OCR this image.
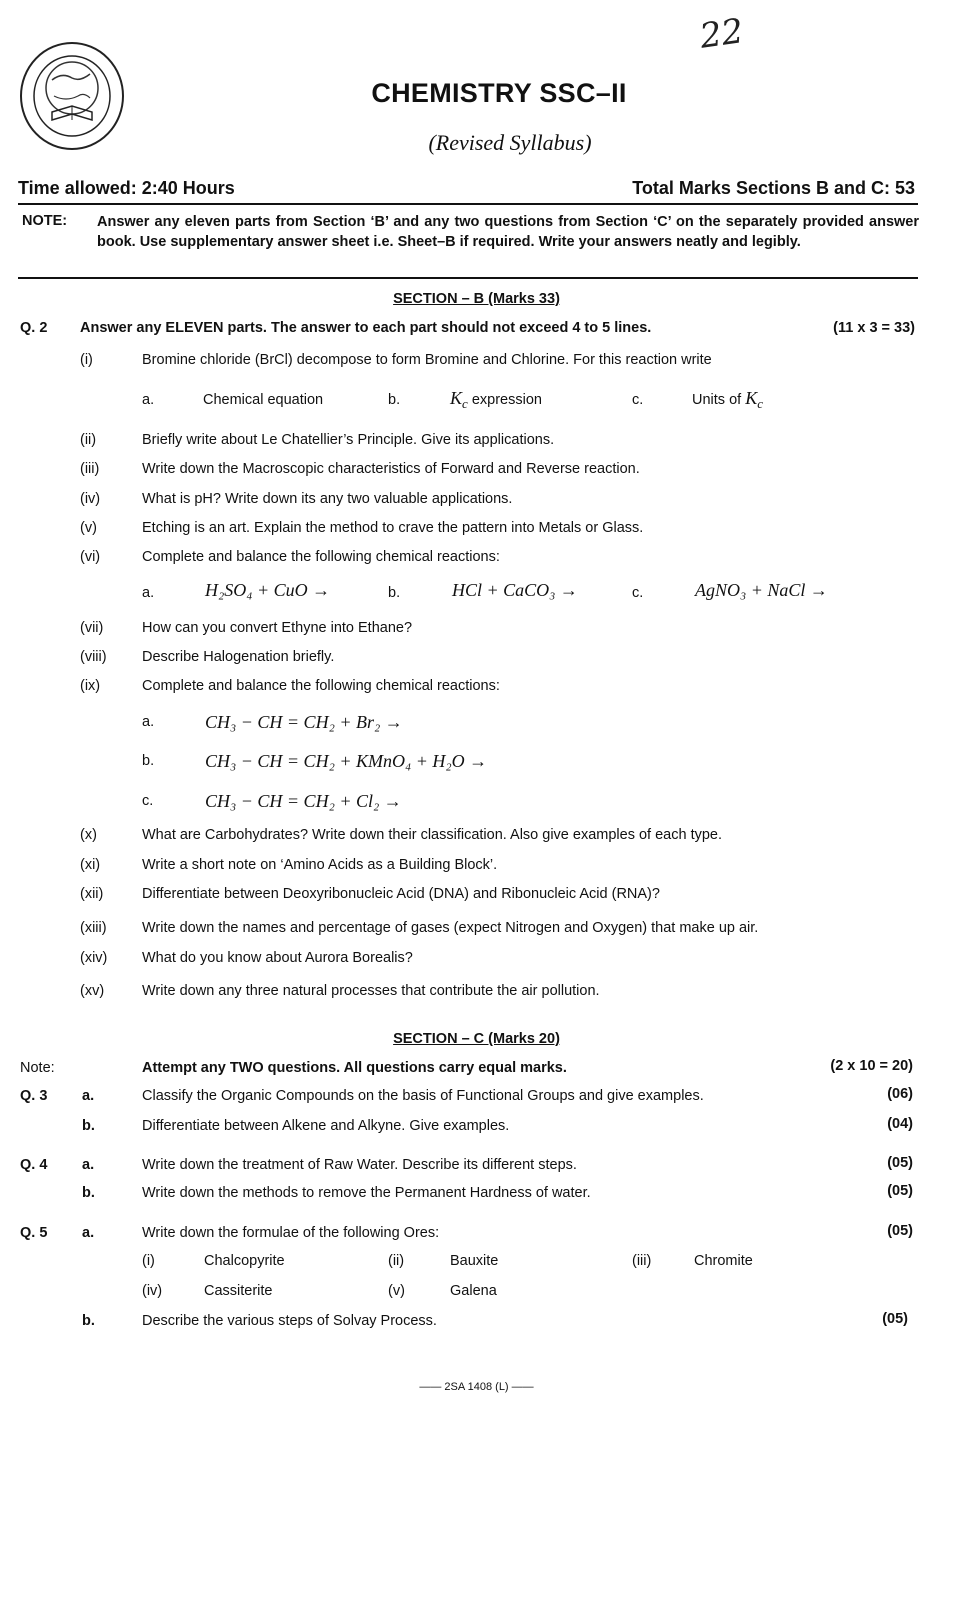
22
CHEMISTRY SSC–II
(Revised Syllabus)
Time allowed: 2:40 Hours	Total Marks Sections B and C: 53
NOTE: Answer any eleven parts from Section ‘B’ and any two questions from Section ‘C’ on the separately provided answer book. Use supplementary answer sheet i.e. Sheet–B if required. Write your answers neatly and legibly.
SECTION – B (Marks 33)
Q. 2 Answer any ELEVEN parts. The answer to each part should not exceed 4 to 5 lines.	(11 x 3 = 33)
(i)	Bromine chloride (BrCl) decompose to form Bromine and Chlorine. For this reaction write
(ii)	Briefly write about Le Chatellier’s Principle. Give its applications.
(iii)	Write down the Macroscopic characteristics of Forward and Reverse reaction.
(iv)	What is pH? Write down its any two valuable applications.
(v)	Etching is an art. Explain the method to crave the pattern into Metals or Glass.
(vi)	Complete and balance the following chemical reactions:
(vii)	How can you convert Ethyne into Ethane?
(viii) Describe Halogenation briefly.
(ix)	Complete and balance the following chemical reactions:
(x)	What are Carbohydrates? Write down their classification. Also give examples of each type.
(xi)	Write a short note on ‘Amino Acids as a Building Block’.
(xii)	Differentiate between Deoxyribonucleic Acid (DNA) and Ribonucleic Acid (RNA)?
(xiii) Write down the names and percentage of gases (expect Nitrogen and Oxygen) that make up air.
(xiv) What do you know about Aurora Borealis?
(xv)	Write down any three natural processes that contribute the air pollution.
a.	Chemical equation	b.	$K_c$ expression	c.	Units of $K_c$
a.	H₂SO₄ + CuO →	b.	HCl + CaCO₃ →	c.	AgNO₃ + NaCl →
a.	CH₃ − CH = CH₂ + Br₂ →
b.	CH₃ − CH = CH₂ + KMnO₄ + H₂O →
c.	CH₃ − CH = CH₂ + Cl₂ →
SECTION – C (Marks 20)
Note:	Attempt any TWO questions. All questions carry equal marks.	(2 x 10 = 20)
Q. 3 a.	Classify the Organic Compounds on the basis of Functional Groups and give examples.	(06)
b.	Differentiate between Alkene and Alkyne. Give examples.	(04)
Q. 4 a.	Write down the treatment of Raw Water. Describe its different steps.	(05)
b.	Write down the methods to remove the Permanent Hardness of water.	(05)
Q. 5 a.	Write down the formulae of the following Ores:	(05)
b.	Describe the various steps of Solvay Process.	(05)
(i)	Chalcopyrite	(ii)	Bauxite	(iii)	Chromite
(iv)	Cassiterite	(v)	Galena
—— 2SA 1408 (L) ——
